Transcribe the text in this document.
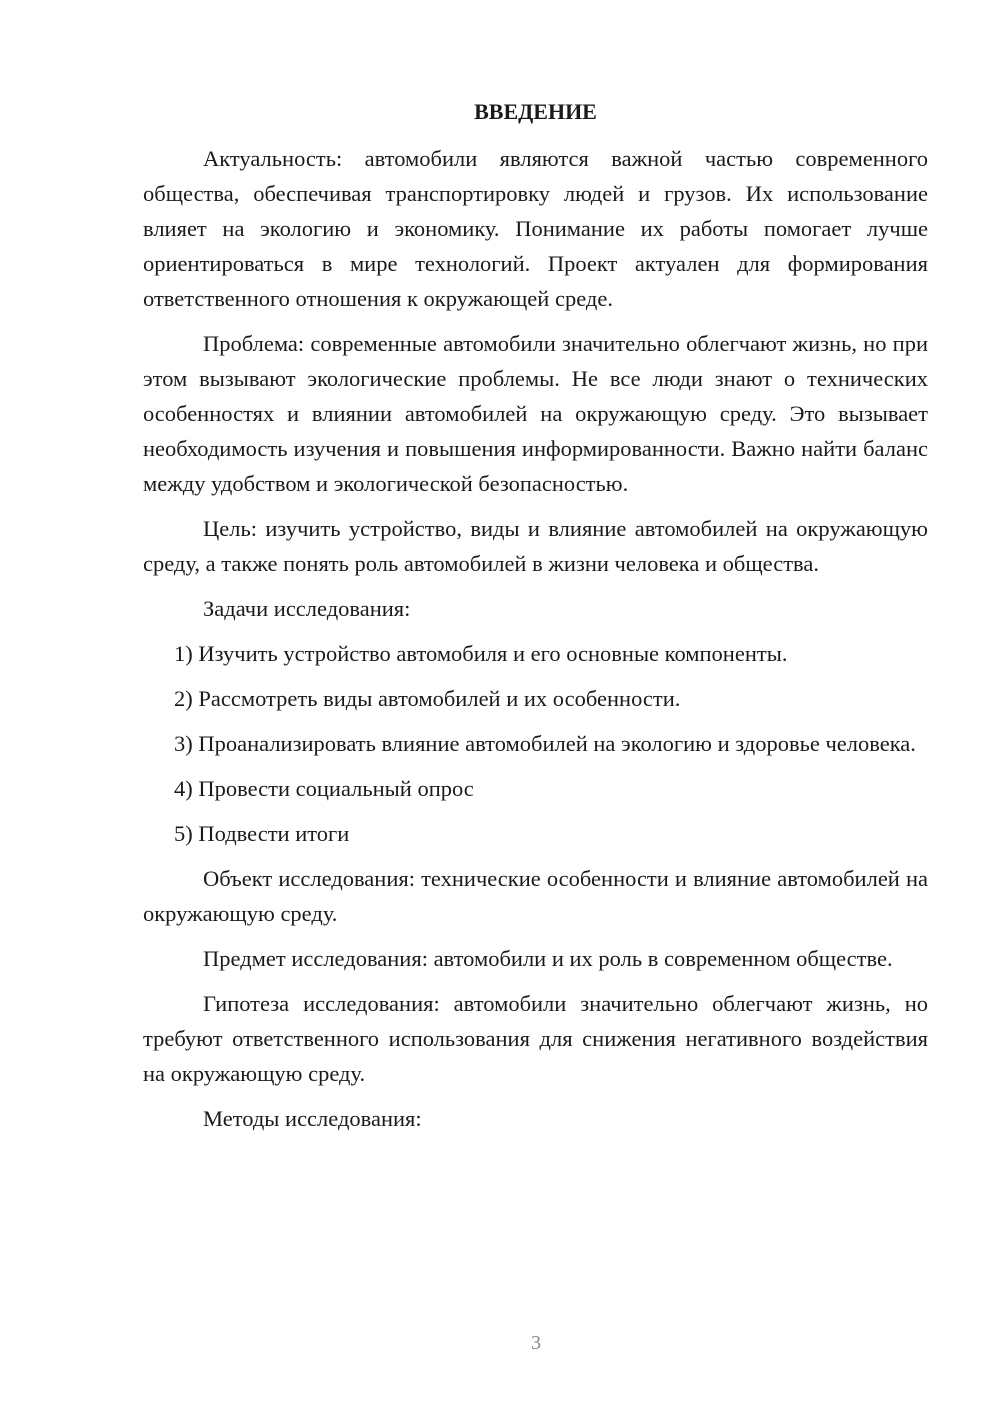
ВВЕДЕНИЕ

Актуальность: автомобили являются важной частью современного общества, обеспечивая транспортировку людей и грузов. Их использование влияет на экологию и экономику. Понимание их работы помогает лучше ориентироваться в мире технологий. Проект актуален для формирования ответственного отношения к окружающей среде.

Проблема: современные автомобили значительно облегчают жизнь, но при этом вызывают экологические проблемы. Не все люди знают о технических особенностях и влиянии автомобилей на окружающую среду. Это вызывает необходимость изучения и повышения информированности. Важно найти баланс между удобством и экологической безопасностью.

Цель: изучить устройство, виды и влияние автомобилей на окружающую среду, а также понять роль автомобилей в жизни человека и общества.

Задачи исследования:

1) Изучить устройство автомобиля и его основные компоненты.

2) Рассмотреть виды автомобилей и их особенности.

3) Проанализировать влияние автомобилей на экологию и здоровье человека.

4) Провести социальный опрос

5) Подвести итоги

Объект исследования: технические особенности и влияние автомобилей на окружающую среду.

Предмет исследования: автомобили и их роль в современном обществе.

Гипотеза исследования: автомобили значительно облегчают жизнь, но требуют ответственного использования для снижения негативного воздействия на окружающую среду.

Методы исследования:

3
